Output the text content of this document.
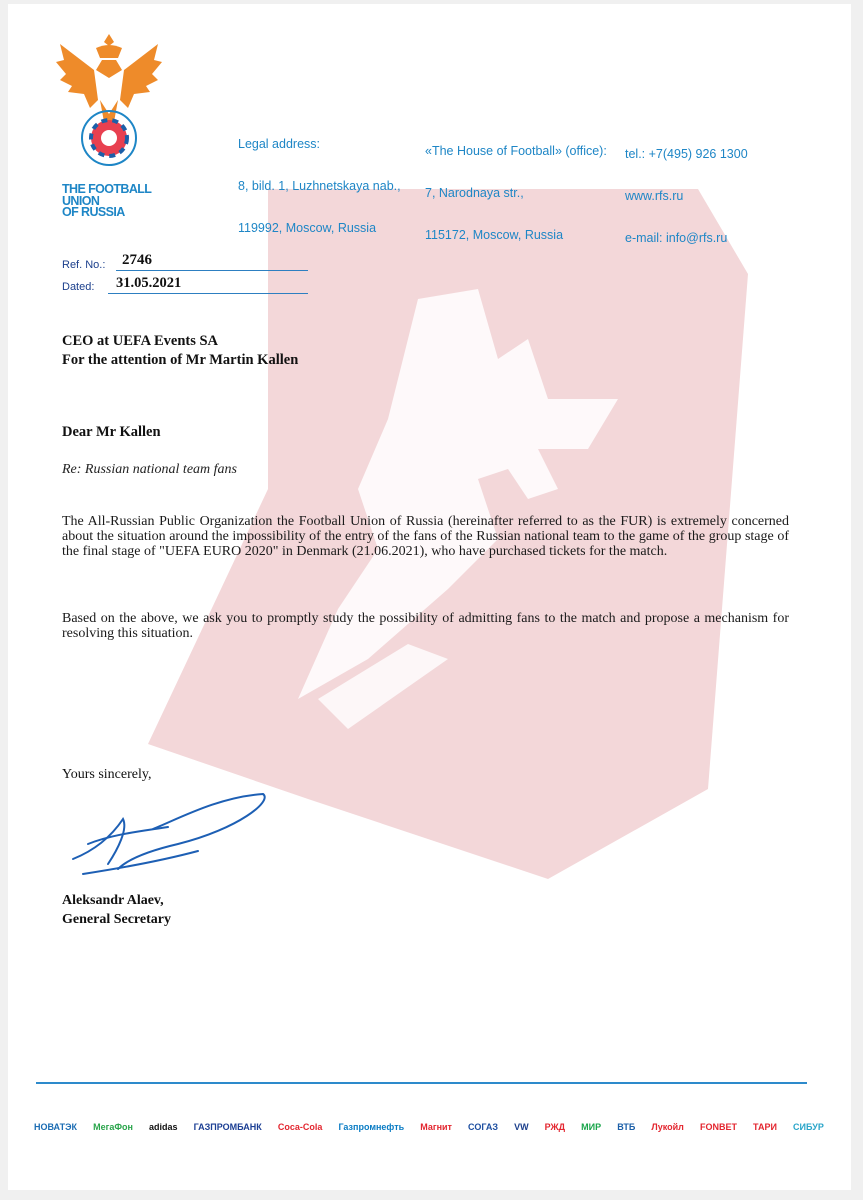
THE FOOTBALL
UNION
OF RUSSIA

Legal address:

8, bild. 1, Luzhnetskaya nab.,

119992, Moscow, Russia

«The House of Football» (office):

7, Narodnaya str.,

115172, Moscow, Russia

tel.: +7(495) 926 1300

www.rfs.ru

e-mail: info@rfs.ru

Ref. No.: 2746
Dated: 31.05.2021
CEO at UEFA Events SA
For the attention of Mr Martin Kallen
Dear Mr Kallen
Re: Russian national team fans
The All-Russian Public Organization the Football Union of Russia (hereinafter referred to as the FUR) is extremely concerned about the situation around the impossibility of the entry of the fans of the Russian national team to the game of the group stage of the final stage of "UEFA EURO 2020" in Denmark (21.06.2021), who have purchased tickets for the match.
Based on the above, we ask you to promptly study the possibility of admitting fans to the match and propose a mechanism for resolving this situation.
Yours sincerely,
Aleksandr Alaev,
General Secretary
НОВАТЭК МегаФон adidas ГАЗПРОМБАНК Coca-Cola Газпромнефть Магнит СОГАЗ VW РЖД МИР ВТБ Лукойл FONBET ТАРИ СИБУР
